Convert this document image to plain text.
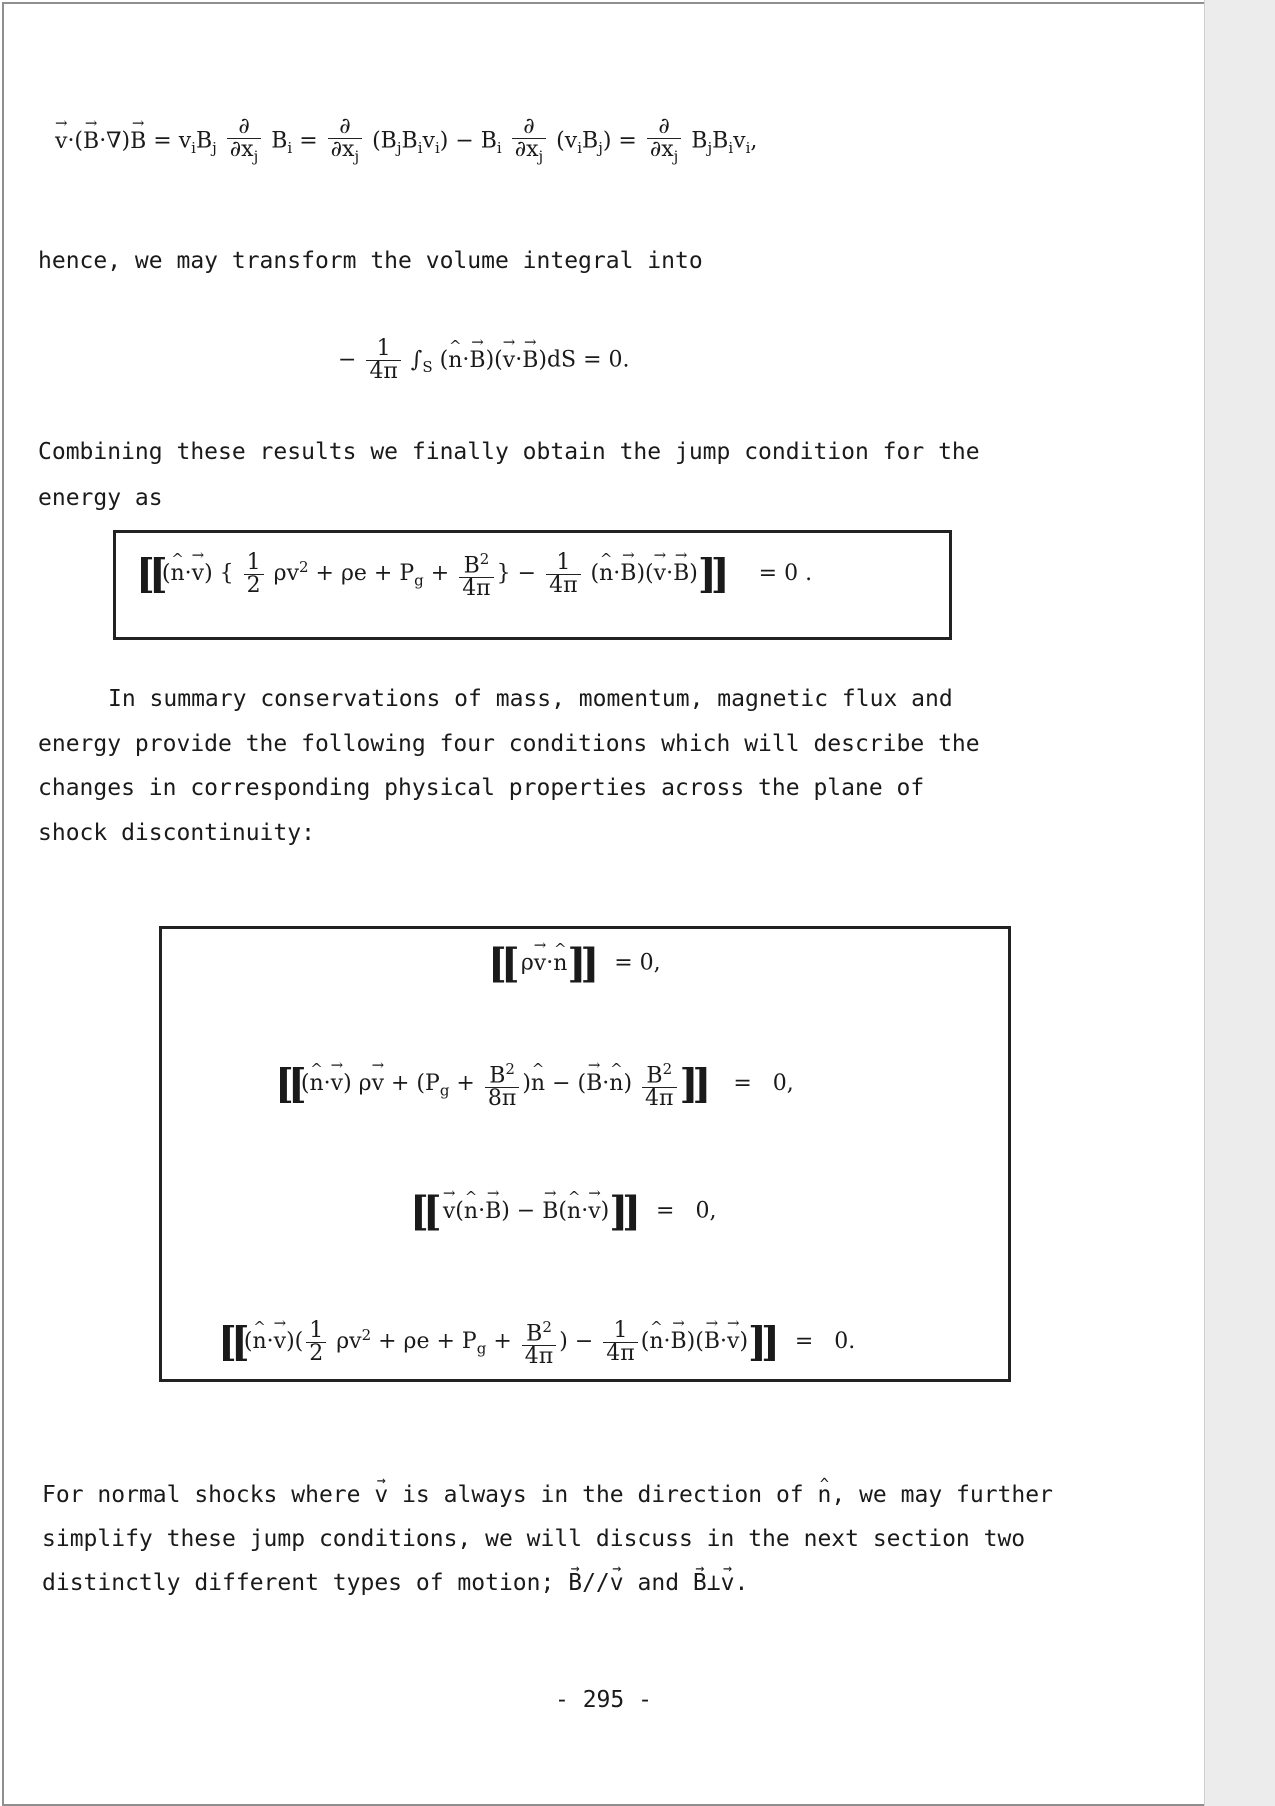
→ $v\cdot(\to B\cdot\nabla)\to B = v_iB_j \frac{\partial}{\partial x_j} B_i = \frac{\partial}{\partial x_j} (B_jB_iv_i) - B_i \frac{\partial}{\partial x_j} (v_iB_j) = \frac{\partial}{\partial x_j} B_jB_iv_i$,
hence, we may transform the volume integral into
− $\frac{1}{4\pi} \int_S$ (^ n·→ B)(→ v·→ B)dS = 0.
Combining these results we finally obtain the jump condition for the
energy as
[[(^ n·→ v) { $\frac{1}{2} \rho v^2 + \rho e + P_g + \frac{B^2}{4\pi}$ } − $\frac{1}{4\pi}$ (^ n·→ B)(→ v·→ B)]]     = 0 .
In summary conservations of mass, momentum, magnetic flux and
energy provide the following four conditions which will describe the
changes in corresponding physical properties across the plane of
shock discontinuity:
[[ ρ→ v·^ n]]   = 0,
[[(^ n·→ v) $\rho\to v + (P_g + \frac{B^2}{8\pi}$ )^ n − (→ B·^ $n) \frac{B^2}{4\pi}$ ]]    =   0,
[[ → v(^ n·→ B) − → B(^ n·→ v)]]   =   0,
[[(^ $n\cdot\to v)( \frac{1}{2} \rho v^2 + \rho e + P_g + \frac{B^2}{4\pi}$ ) − $\frac{1}{4\pi}$ (^ n·→ B)(→ B·→ v)]]   =   0.
For normal shocks where → v is always in the direction of ^ n, we may further
simplify these jump conditions, we will discuss in the next section two
distinctly different types of motion; → B//→ v and → B⊥→ v.
- 295 -
